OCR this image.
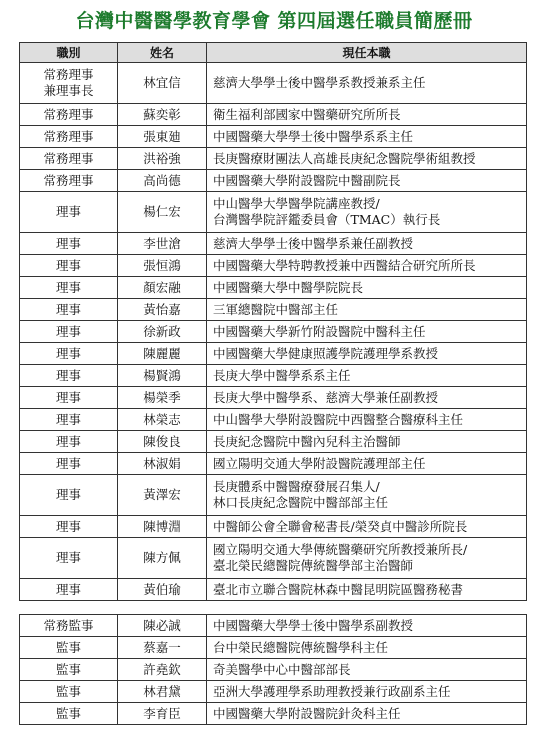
台灣中醫醫學教育學會 第四屆選任職員簡歷冊
職別	姓名	現任本職

常務理事
兼理事長	林宜信	慈濟大學學士後中醫學系教授兼系主任

常務理事	蘇奕彰	衛生福利部國家中醫藥研究所所長

常務理事	張東廸	中國醫藥大學學士後中醫學系系主任

常務理事	洪裕強	長庚醫療財團法人高雄長庚紀念醫院學術組教授

常務理事	高尚德	中國醫藥大學附設醫院中醫副院長

理事	楊仁宏	中山醫學大學醫學院講座教授/
台灣醫學院評鑑委員會（TMAC）執行長

理事	李世滄	慈濟大學學士後中醫學系兼任副教授

理事	張恒鴻	中國醫藥大學特聘教授兼中西醫結合研究所所長

理事	顏宏融	中國醫藥大學中醫學院院長

理事	黃怡嘉	三軍總醫院中醫部主任

理事	徐新政	中國醫藥大學新竹附設醫院中醫科主任

理事	陳麗麗	中國醫藥大學健康照護學院護理學系教授

理事	楊賢鴻	長庚大學中醫學系系主任

理事	楊榮季	長庚大學中醫學系、慈濟大學兼任副教授

理事	林榮志	中山醫學大學附設醫院中西醫整合醫療科主任

理事	陳俊良	長庚紀念醫院中醫內兒科主治醫師

理事	林淑娟	國立陽明交通大學附設醫院護理部主任

理事	黃澤宏	長庚體系中醫醫療發展召集人/
林口長庚紀念醫院中醫部部主任

理事	陳博淵	中醫師公會全聯會秘書長/榮癸貞中醫診所院長

理事	陳方佩	國立陽明交通大學傳統醫藥研究所教授兼所長/
臺北榮民總醫院傳統醫學部主治醫師

理事	黃伯瑜	臺北市立聯合醫院林森中醫昆明院區醫務秘書
常務監事	陳必誠	中國醫藥大學學士後中醫學系副教授

監事	蔡嘉一	台中榮民總醫院傳統醫學科主任

監事	許堯欽	奇美醫學中心中醫部部長

監事	林君黛	亞洲大學護理學系助理教授兼行政副系主任

監事	李育臣	中國醫藥大學附設醫院針灸科主任
